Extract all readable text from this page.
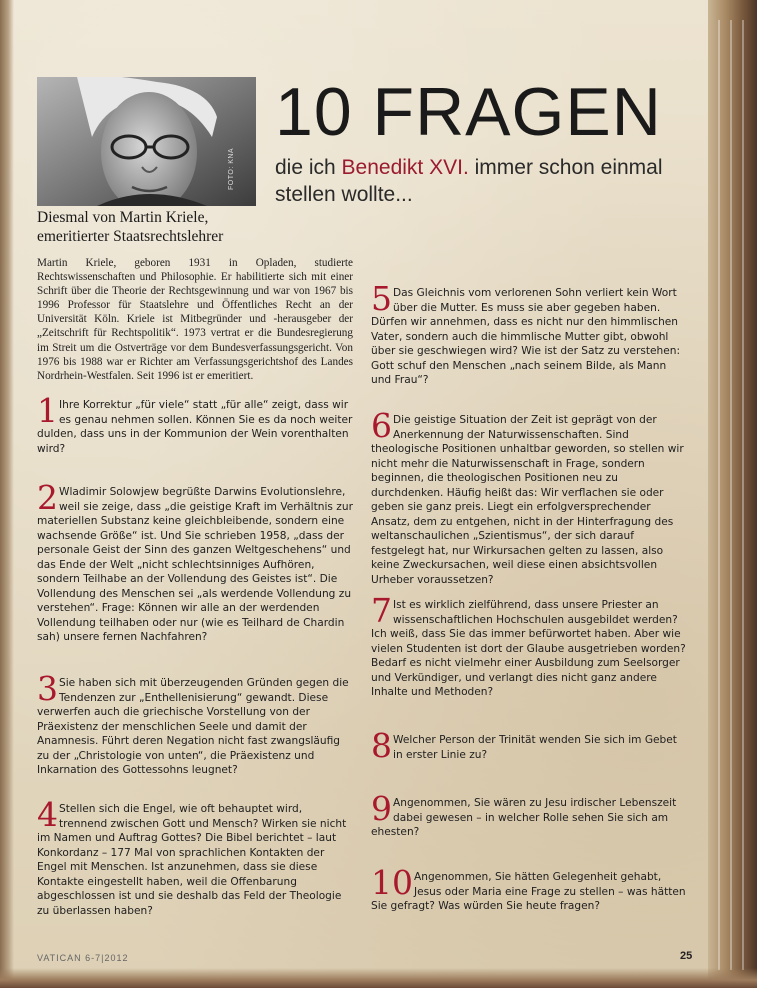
FOTO: KNA
10 FRAGEN
die ich Benedikt XVI. immer schon einmal stellen wollte...
Diesmal von Martin Kriele,
emeritierter Staatsrechtslehrer
Martin Kriele, geboren 1931 in Opladen, studierte Rechtswissenschaften und Philosophie. Er habilitierte sich mit einer Schrift über die Theorie der Rechtsgewinnung und war von 1967 bis 1996 Professor für Staatslehre und Öffentliches Recht an der Universität Köln. Kriele ist Mitbegründer und -herausgeber der „Zeitschrift für Rechtspolitik“. 1973 vertrat er die Bundesregierung im Streit um die Ostverträge vor dem Bundesverfassungsgericht. Von 1976 bis 1988 war er Richter am Verfassungsgerichtshof des Landes Nordrhein-Westfalen. Seit 1996 ist er emeritiert.
1 Ihre Korrektur „für viele“ statt „für alle“ zeigt, dass wir es genau nehmen sollen. Können Sie es da noch weiter dulden, dass uns in der Kommunion der Wein vorenthalten wird?
2 Wladimir Solowjew begrüßte Darwins Evolutionslehre, weil sie zeige, dass „die geistige Kraft im Verhältnis zur materiellen Substanz keine gleichbleibende, sondern eine wachsende Größe“ ist. Und Sie schrieben 1958, „dass der personale Geist der Sinn des ganzen Weltgeschehens“ und das Ende der Welt „nicht schlechtsinniges Aufhören, sondern Teilhabe an der Vollendung des Geistes ist“. Die Vollendung des Menschen sei „als werdende Vollendung zu verstehen“. Frage: Können wir alle an der werdenden Vollendung teilhaben oder nur (wie es Teilhard de Chardin sah) unsere fernen Nachfahren?
3 Sie haben sich mit überzeugenden Gründen gegen die Tendenzen zur „Enthellenisierung“ gewandt. Diese verwerfen auch die griechische Vorstellung von der Präexistenz der menschlichen Seele und damit der Anamnesis. Führt deren Negation nicht fast zwangsläufig zu der „Christologie von unten“, die Präexistenz und Inkarnation des Gottessohns leugnet?
4 Stellen sich die Engel, wie oft behauptet wird, trennend zwischen Gott und Mensch? Wirken sie nicht im Namen und Auftrag Gottes? Die Bibel berichtet – laut Konkordanz – 177 Mal von sprachlichen Kontakten der Engel mit Menschen. Ist anzunehmen, dass sie diese Kontakte eingestellt haben, weil die Offenbarung abgeschlossen ist und sie deshalb das Feld der Theologie zu überlassen haben?
5 Das Gleichnis vom verlorenen Sohn verliert kein Wort über die Mutter. Es muss sie aber gegeben haben. Dürfen wir annehmen, dass es nicht nur den himmlischen Vater, sondern auch die himmlische Mutter gibt, obwohl über sie geschwiegen wird? Wie ist der Satz zu verstehen: Gott schuf den Menschen „nach seinem Bilde, als Mann und Frau“?
6 Die geistige Situation der Zeit ist geprägt von der Anerkennung der Naturwissenschaften. Sind theologische Positionen unhaltbar geworden, so stellen wir nicht mehr die Naturwissenschaft in Frage, sondern beginnen, die theologischen Positionen neu zu durchdenken. Häufig heißt das: Wir verflachen sie oder geben sie ganz preis. Liegt ein erfolgversprechender Ansatz, dem zu entgehen, nicht in der Hinterfragung des weltanschaulichen „Szientismus“, der sich darauf festgelegt hat, nur Wirkursachen gelten zu lassen, also keine Zweckursachen, weil diese einen absichtsvollen Urheber voraussetzen?
7 Ist es wirklich zielführend, dass unsere Priester an wissenschaftlichen Hochschulen ausgebildet werden? Ich weiß, dass Sie das immer befürwortet haben. Aber wie vielen Studenten ist dort der Glaube ausgetrieben worden? Bedarf es nicht vielmehr einer Ausbildung zum Seelsorger und Verkündiger, und verlangt dies nicht ganz andere Inhalte und Methoden?
8 Welcher Person der Trinität wenden Sie sich im Gebet in erster Linie zu?
9 Angenommen, Sie wären zu Jesu irdischer Lebenszeit dabei gewesen – in welcher Rolle sehen Sie sich am ehesten?
10 Angenommen, Sie hätten Gelegenheit gehabt, Jesus oder Maria eine Frage zu stellen – was hätten Sie gefragt? Was würden Sie heute fragen?
VATICAN 6-7|2012	25
